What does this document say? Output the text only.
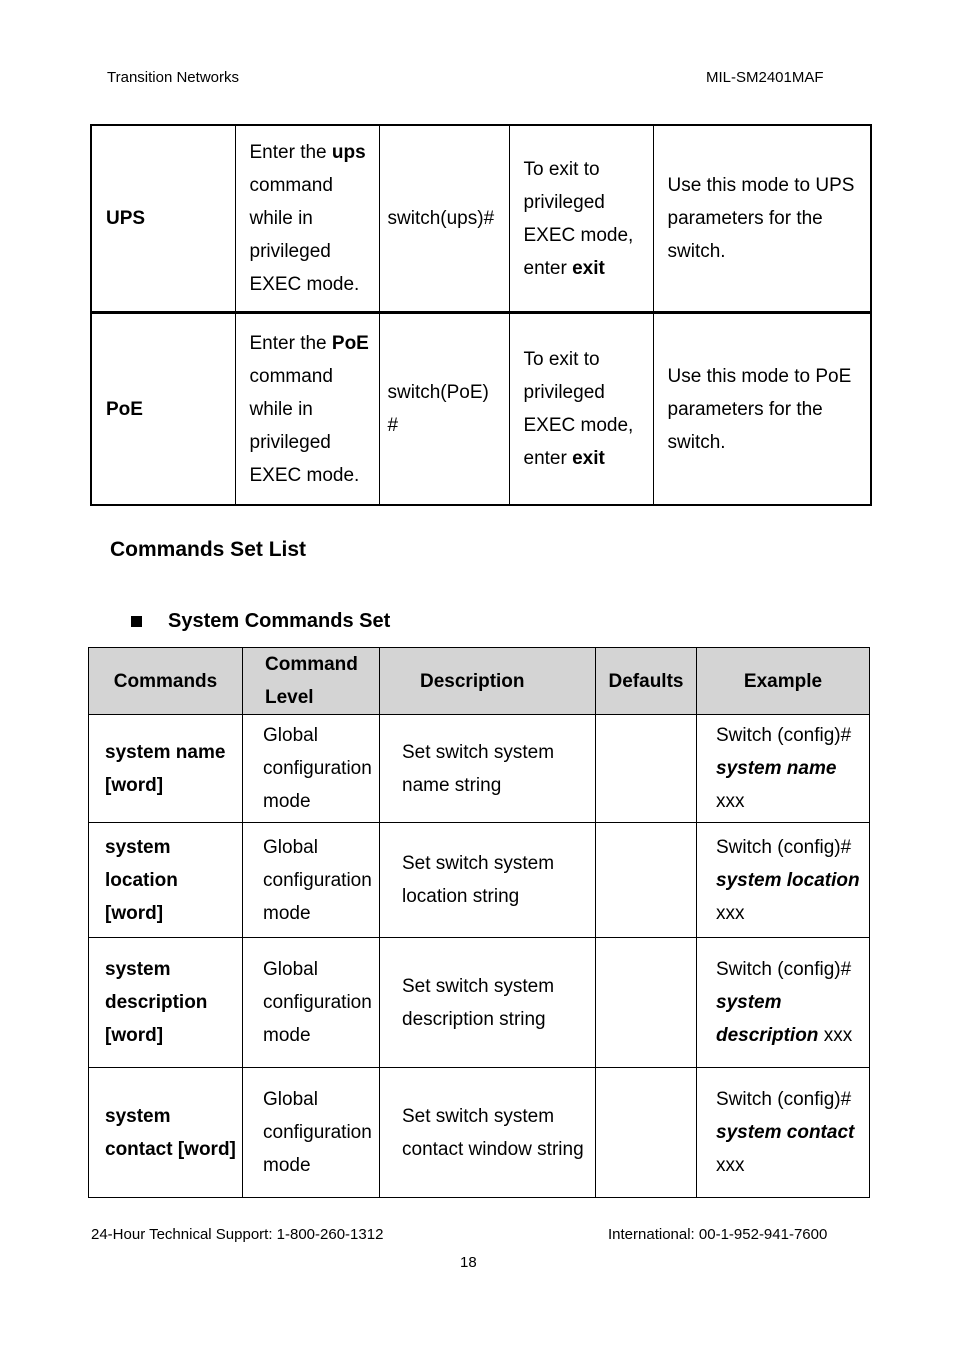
Transition Networks	MIL-SM2401MAF
UPS	Enter the ups command while in privileged EXEC mode.	switch(ups)#	To exit to privileged EXEC mode, enter exit	Use this mode to UPS parameters for the switch.
PoE	Enter the PoE command while in privileged EXEC mode.	switch(PoE) #	To exit to privileged EXEC mode, enter exit	Use this mode to PoE parameters for the switch.
Commands Set List
System Commands Set
Commands	Command Level	Description	Defaults	Example
system name [word]	Global configuration mode	Set switch system name string		Switch (config)# system name xxx
system location [word]	Global configuration mode	Set switch system location string		Switch (config)# system location xxx
system description [word]	Global configuration mode	Set switch system description string		Switch (config)# system description xxx
system contact [word]	Global configuration mode	Set switch system contact window string		Switch (config)# system contact xxx
24-Hour Technical Support: 1-800-260-1312	International: 00-1-952-941-7600
18
